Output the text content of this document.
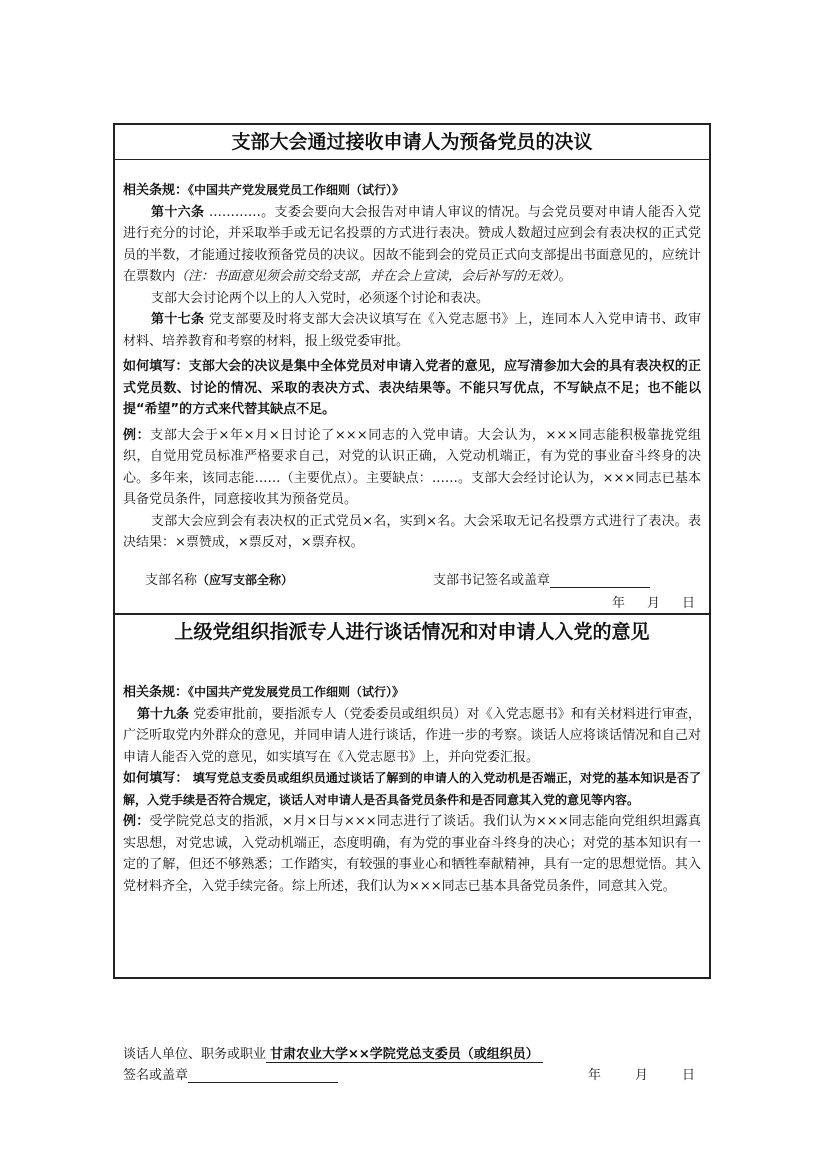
支部大会通过接收申请人为预备党员的决议

相关条规：《中国共产党发展党员工作细则（试行）》

第十六条 …………。支委会要向大会报告对申请人审议的情况。与会党员要对申请人能否入党进行充分的讨论，并采取举手或无记名投票的方式进行表决。赞成人数超过应到会有表决权的正式党员的半数，才能通过接收预备党员的决议。因故不能到会的党员正式向支部提出书面意见的，应统计在票数内（注：书面意见须会前交给支部，并在会上宣读，会后补写的无效）。

支部大会讨论两个以上的人入党时，必须逐个讨论和表决。

第十七条 党支部要及时将支部大会决议填写在《入党志愿书》上，连同本人入党申请书、政审材料、培养教育和考察的材料，报上级党委审批。

如何填写：支部大会的决议是集中全体党员对申请入党者的意见，应写清参加大会的具有表决权的正式党员数、讨论的情况、采取的表决方式、表决结果等。不能只写优点，不写缺点不足；也不能以提“希望”的方式来代替其缺点不足。

例：支部大会于×年×月×日讨论了×××同志的入党申请。大会认为，×××同志能积极靠拢党组织，自觉用党员标准严格要求自己，对党的认识正确，入党动机端正，有为党的事业奋斗终身的决心。多年来，该同志能……（主要优点）。主要缺点：……。支部大会经讨论认为，×××同志已基本具备党员条件，同意接收其为预备党员。

支部大会应到会有表决权的正式党员×名，实到×名。大会采取无记名投票方式进行了表决。表决结果：×票赞成，×票反对，×票弃权。

支部名称（应写支部全称）	支部书记签名或盖章
年 月 日
上级党组织指派专人进行谈话情况和对申请人入党的意见

相关条规：《中国共产党发展党员工作细则（试行）》

第十九条 党委审批前，要指派专人（党委委员或组织员）对《入党志愿书》和有关材料进行审查，广泛听取党内外群众的意见，并同申请人进行谈话，作进一步的考察。谈话人应将谈话情况和自己对申请人能否入党的意见，如实填写在《入党志愿书》上，并向党委汇报。

如何填写： 填写党总支委员或组织员通过谈话了解到的申请人的入党动机是否端正，对党的基本知识是否了解，入党手续是否符合规定，谈话人对申请人是否具备党员条件和是否同意其入党的意见等内容。

例：受学院党总支的指派，×月×日与×××同志进行了谈话。我们认为×××同志能向党组织坦露真实思想，对党忠诚，入党动机端正，态度明确，有为党的事业奋斗终身的决心；对党的基本知识有一定的了解，但还不够熟悉；工作踏实，有较强的事业心和牺牲奉献精神，具有一定的思想觉悟。其入党材料齐全，入党手续完备。综上所述，我们认为×××同志已基本具备党员条件，同意其入党。

谈话人单位、职务或职业 甘肃农业大学××学院党总支委员（或组织员）
签名或盖章	年	月	日
